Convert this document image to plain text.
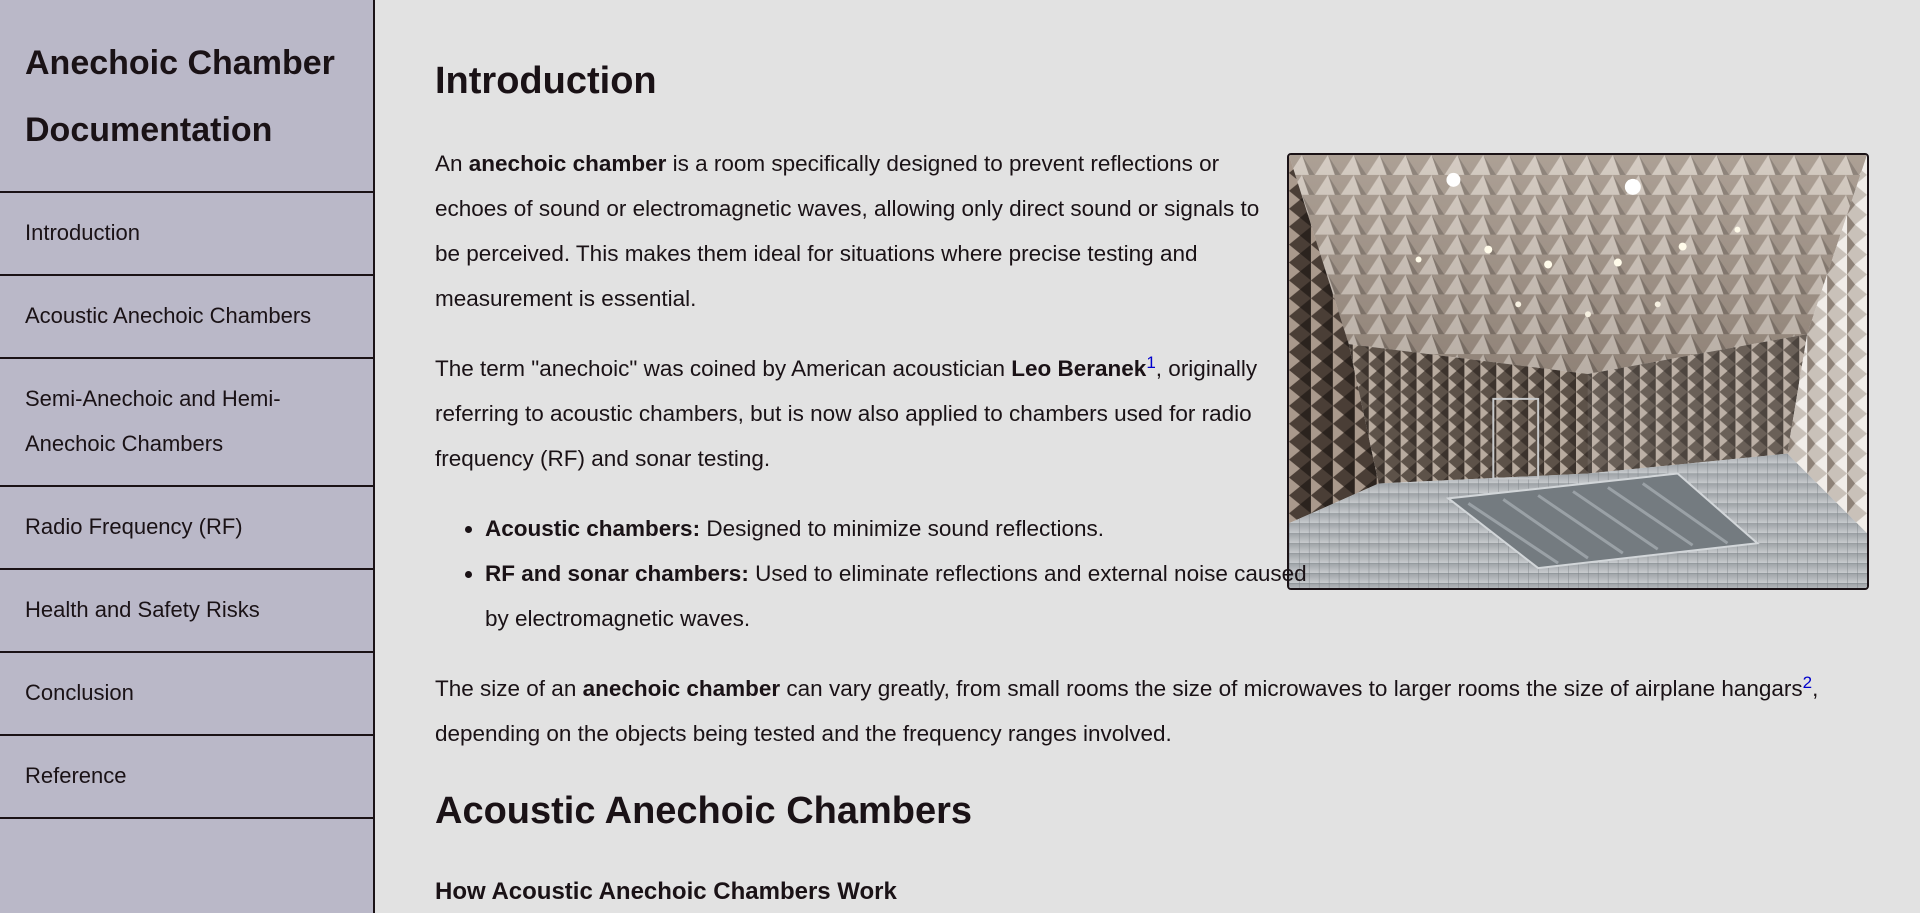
Anechoic Chamber Documentation
Introduction
Acoustic Anechoic Chambers
Semi-Anechoic and Hemi-Anechoic Chambers
Radio Frequency (RF)
Health and Safety Risks
Conclusion
Reference
Introduction

An anechoic chamber is a room specifically designed to prevent reflections or echoes of sound or electromagnetic waves, allowing only direct sound or signals to be perceived. This makes them ideal for situations where precise testing and measurement is essential.

The term "anechoic" was coined by American acoustician Leo Beranek$^1$, originally referring to acoustic chambers, but is now also applied to chambers used for radio frequency (RF) and sonar testing.

• Acoustic chambers: Designed to minimize sound reflections.
• RF and sonar chambers: Used to eliminate reflections and external noise caused by electromagnetic waves.

The size of an anechoic chamber can vary greatly, from small rooms the size of microwaves to larger rooms the size of airplane hangars$^2$, depending on the objects being tested and the frequency ranges involved.

Acoustic Anechoic Chambers
How Acoustic Anechoic Chambers Work
